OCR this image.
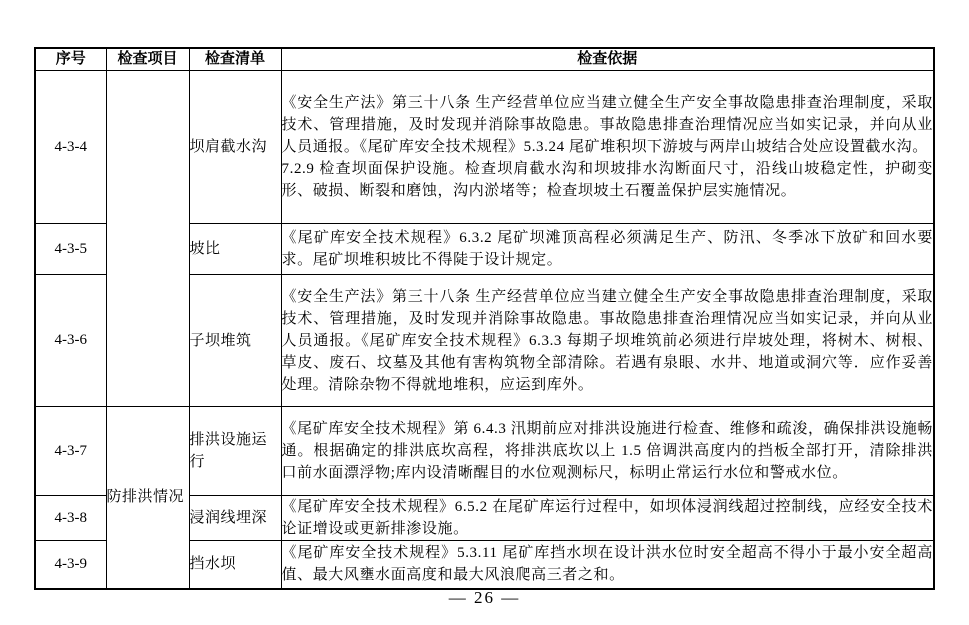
序号	检查项目	检查清单	检查依据
4-3-4		坝肩截水沟	《安全生产法》第三十八条 生产经营单位应当建立健全生产安全事故隐患排查治理制度，采取技术、管理措施，及时发现并消除事故隐患。事故隐患排查治理情况应当如实记录，并向从业人员通报。《尾矿库安全技术规程》5.3.24 尾矿堆积坝下游坡与两岸山坡结合处应设置截水沟。
7.2.9 检查坝面保护设施。检查坝肩截水沟和坝坡排水沟断面尺寸，沿线山坡稳定性，护砌变形、破损、断裂和磨蚀，沟内淤堵等；检查坝坡土石覆盖保护层实施情况。

4-3-5		坡比	《尾矿库安全技术规程》6.3.2 尾矿坝滩顶高程必须满足生产、防汛、冬季冰下放矿和回水要求。尾矿坝堆积坡比不得陡于设计规定。

4-3-6		子坝堆筑	《安全生产法》第三十八条 生产经营单位应当建立健全生产安全事故隐患排查治理制度，采取技术、管理措施，及时发现并消除事故隐患。事故隐患排查治理情况应当如实记录，并向从业人员通报。《尾矿库安全技术规程》6.3.3 每期子坝堆筑前必须进行岸坡处理，将树木、树根、草皮、废石、坟墓及其他有害构筑物全部清除。若遇有泉眼、水井、地道或洞穴等．应作妥善处理。清除杂物不得就地堆积，应运到库外。

4-3-7	防排洪情况	排洪设施运行	《尾矿库安全技术规程》第 6.4.3 汛期前应对排洪设施进行检查、维修和疏浚，确保排洪设施畅通。根据确定的排洪底坎高程，将排洪底坎以上 1.5 倍调洪高度内的挡板全部打开，清除排洪口前水面漂浮物;库内设清晰醒目的水位观测标尺，标明止常运行水位和警戒水位。

4-3-8		浸润线埋深	《尾矿库安全技术规程》6.5.2 在尾矿库运行过程中，如坝体浸润线超过控制线，应经安全技术论证增设或更新排渗设施。

4-3-9		挡水坝	《尾矿库安全技术规程》5.3.11 尾矿库挡水坝在设计洪水位时安全超高不得小于最小安全超高值、最大风壅水面高度和最大风浪爬高三者之和。
— 26 —
